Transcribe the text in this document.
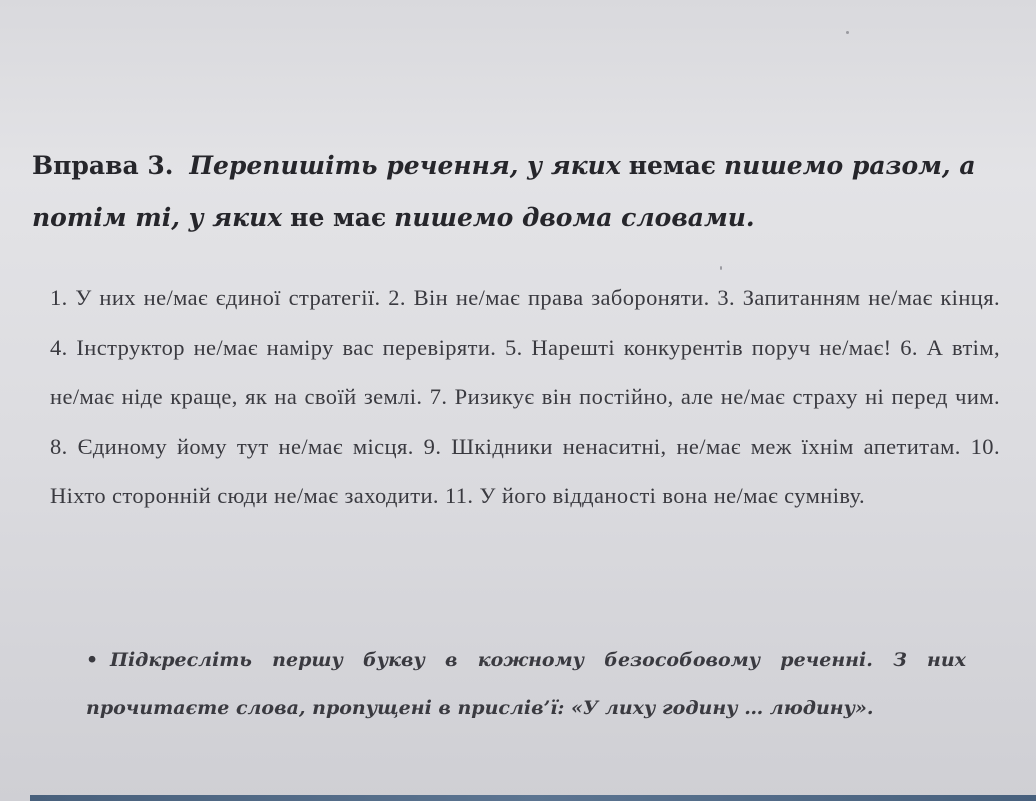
Вправа 3. Перепишіть речення, у яких немає пишемо разом, а потім ті, у яких не має пишемо двома словами.
1. У них не/має єдиної стратегії. 2. Він не/має права забороняти. 3. Запитанням не/має кінця. 4. Інструктор не/має наміру вас перевіряти. 5. Нарешті конкурентів поруч не/має! 6. А втім, не/має ніде краще, як на своїй землі. 7. Ризикує він постійно, але не/має страху ні перед чим. 8. Єдиному йому тут не/має місця. 9. Шкідники ненаситні, не/має меж їхнім апетитам. 10. Ніхто сторонній сюди не/має заходити. 11. У його відданості вона не/має сумніву.
• Підкресліть першу букву в кожному безособовому реченні. З них прочитаєте слова, пропущені в прислів’ї: «У лиху годину … людину».
